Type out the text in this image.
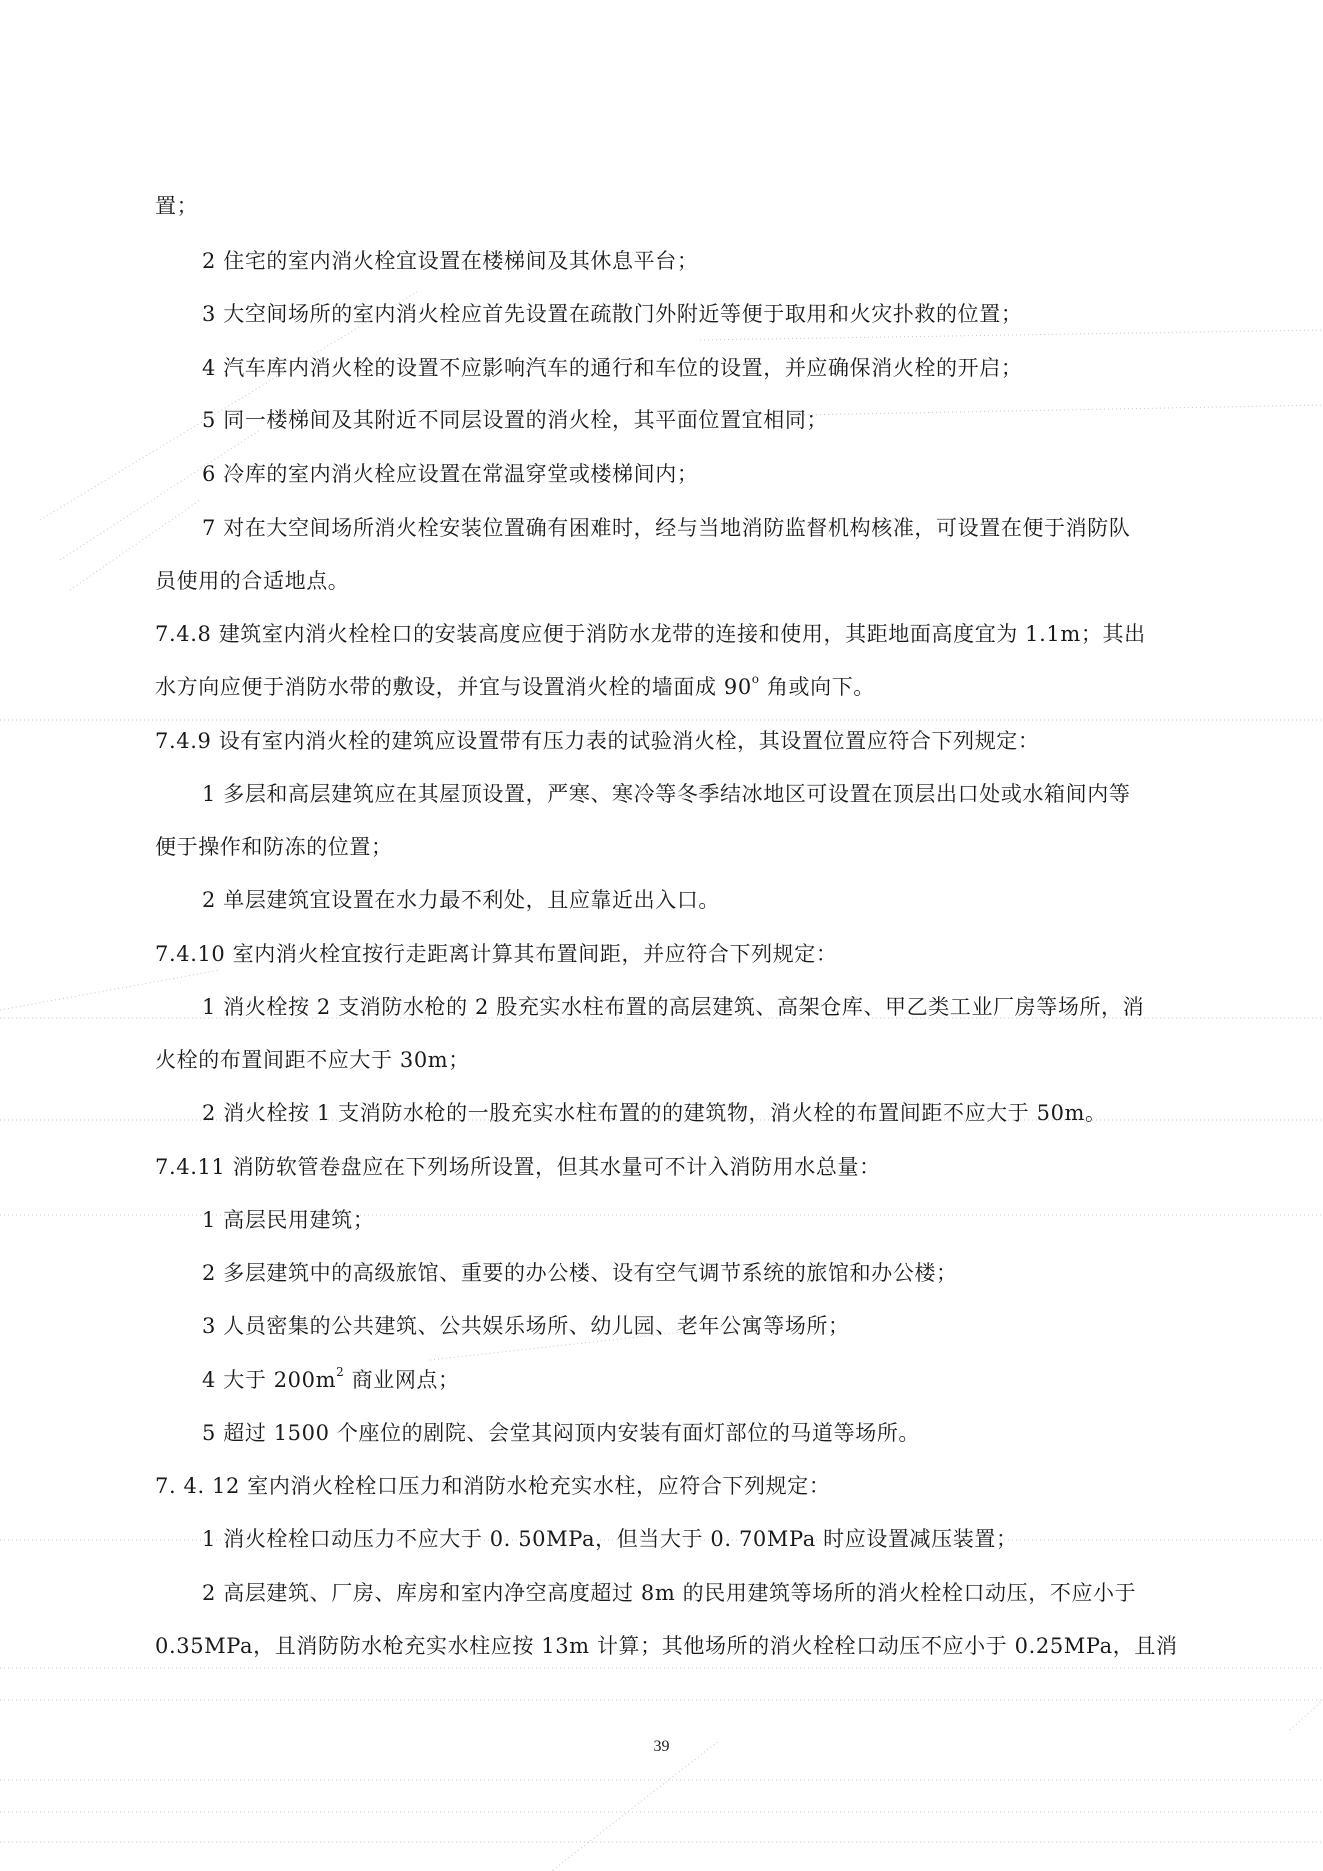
置；
2 住宅的室内消火栓宜设置在楼梯间及其休息平台；
3 大空间场所的室内消火栓应首先设置在疏散门外附近等便于取用和火灾扑救的位置；
4 汽车库内消火栓的设置不应影响汽车的通行和车位的设置，并应确保消火栓的开启；
5 同一楼梯间及其附近不同层设置的消火栓，其平面位置宜相同；
6 冷库的室内消火栓应设置在常温穿堂或楼梯间内；
7 对在大空间场所消火栓安装位置确有困难时，经与当地消防监督机构核准，可设置在便于消防队
员使用的合适地点。
7.4.8 建筑室内消火栓栓口的安装高度应便于消防水龙带的连接和使用，其距地面高度宜为 1.1m；其出
水方向应便于消防水带的敷设，并宜与设置消火栓的墙面成 90$^o$ 角或向下。
7.4.9 设有室内消火栓的建筑应设置带有压力表的试验消火栓，其设置位置应符合下列规定：
1 多层和高层建筑应在其屋顶设置，严寒、寒冷等冬季结冰地区可设置在顶层出口处或水箱间内等
便于操作和防冻的位置；
2 单层建筑宜设置在水力最不利处，且应靠近出入口。
7.4.10 室内消火栓宜按行走距离计算其布置间距，并应符合下列规定：
1 消火栓按 2 支消防水枪的 2 股充实水柱布置的高层建筑、高架仓库、甲乙类工业厂房等场所，消
火栓的布置间距不应大于 30m；
2 消火栓按 1 支消防水枪的一股充实水柱布置的的建筑物，消火栓的布置间距不应大于 50m。
7.4.11 消防软管卷盘应在下列场所设置，但其水量可不计入消防用水总量：
1 高层民用建筑；
2 多层建筑中的高级旅馆、重要的办公楼、设有空气调节系统的旅馆和办公楼；
3 人员密集的公共建筑、公共娱乐场所、幼儿园、老年公寓等场所；
4 大于 $200m^2$ 商业网点；
5 超过 1500 个座位的剧院、会堂其闷顶内安装有面灯部位的马道等场所。
7. 4. 12 室内消火栓栓口压力和消防水枪充实水柱，应符合下列规定：
1 消火栓栓口动压力不应大于 0. 50MPa，但当大于 0. 70MPa 时应设置减压装置；
2 高层建筑、厂房、库房和室内净空高度超过 8m 的民用建筑等场所的消火栓栓口动压，不应小于
0.35MPa，且消防防水枪充实水柱应按 13m 计算；其他场所的消火栓栓口动压不应小于 0.25MPa，且消
39
